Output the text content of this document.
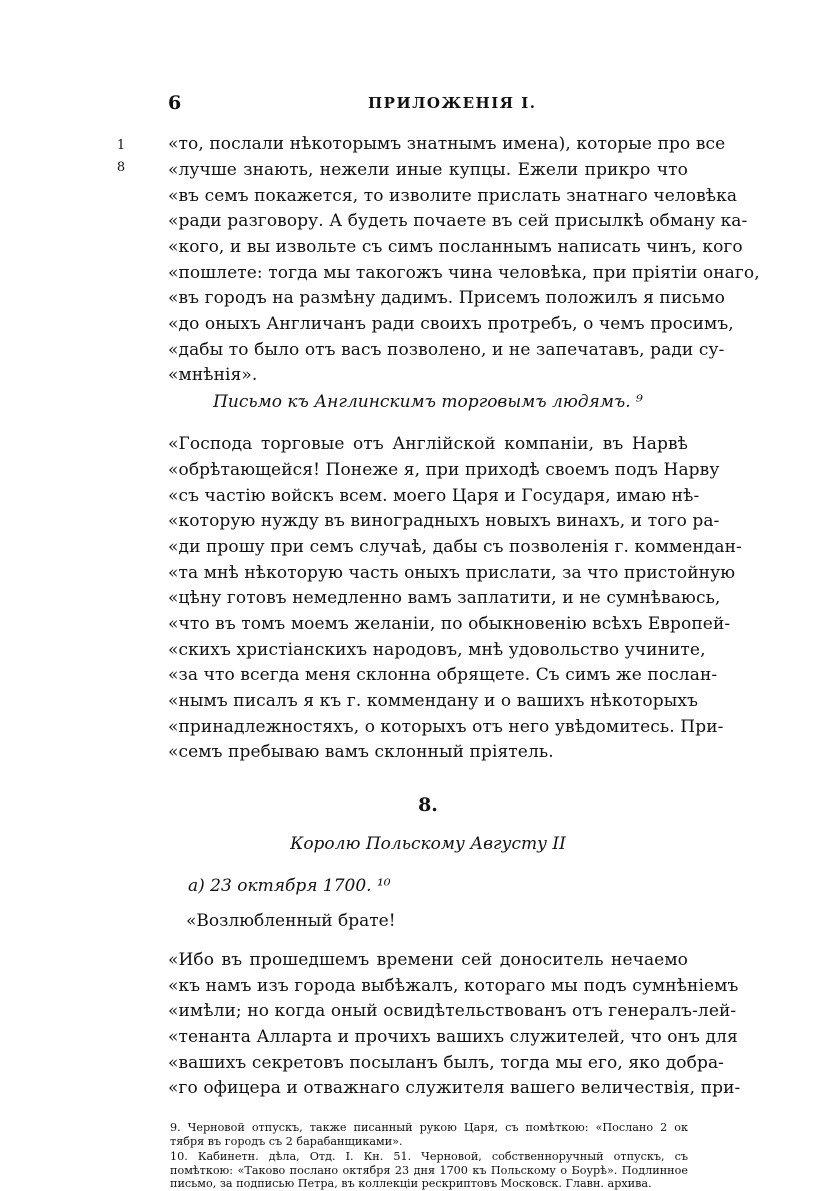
6	ПРИЛОЖЕНІЯ І.
1
8
«то, послали нѣкоторымъ знатнымъ имена), которые про все
«лучше знають, нежели иные купцы. Ежели прикро что
«въ семъ покажется, то изволите прислать знатнаго человѣка
«ради разговору. А будеть почаете въ сей присылкѣ обману ка-
«кого, и вы извольте съ симъ посланнымъ написать чинъ, кого
«пошлете: тогда мы такогожъ чина человѣка, при пріятіи онаго,
«въ городъ на размѣну дадимъ. Присемъ положилъ я письмо
«до оныхъ Англичанъ ради своихъ протребъ, о чемъ просимъ,
«дабы то было отъ васъ позволено, и не запечатавъ, ради су-
«мнѣнія».
Письмо къ Англинскимъ торговымъ людямъ. ⁹
«Господа торговые отъ Англійской компаніи, въ Нарвѣ
«обрѣтающейся! Понеже я, при приходѣ своемъ подъ Нарву
«съ частію войскъ всем. моего Царя и Государя, имаю нѣ-
«которую нужду въ виноградныхъ новыхъ винахъ, и того ра-
«ди прошу при семъ случаѣ, дабы съ позволенія г. коммендан-
«та мнѣ нѣкоторую часть оныхъ прислати, за что пристойную
«цѣну готовъ немедленно вамъ заплатити, и не сумнѣваюсь,
«что въ томъ моемъ желаніи, по обыкновенію всѣхъ Европей-
«скихъ христіанскихъ народовъ, мнѣ удовольство учините,
«за что всегда меня склонна обрящете. Съ симъ же послан-
«нымъ писалъ я къ г. коммендану и о вашихъ нѣкоторыхъ
«принадлежностяхъ, о которыхъ отъ него увѣдомитесь. При-
«семъ пребываю вамъ склонный пріятель.
8.
Королю Польскому Августу II
a) 23 октября 1700. ¹⁰
«Возлюбленный брате!
«Ибо въ прошедшемъ времени сей доноситель нечаемо
«къ намъ изъ города выбѣжалъ, котораго мы подъ сумнѣніемъ
«имѣли; но когда оный освидѣтельствованъ отъ генералъ-лей-
«тенанта Алларта и прочихъ вашихъ служителей, что онъ для
«вашихъ секретовъ посыланъ былъ, тогда мы его, яко добра-
«го офицера и отважнаго служителя вашего величествія, при-
9. Черновой отпускъ, также писанный рукою Царя, съ помѣткою: «Послано 2 ок
тября въ городъ съ 2 барабанщиками».
10. Кабинетн. дѣла, Отд. І. Кн. 51. Черновой, собственноручный отпускъ, съ
помѣткою: «Таково послано октября 23 дня 1700 къ Польскому о Боурѣ». Подлинное
письмо, за подписью Петра, въ коллекціи рескриптовъ Московск. Главн. архива.
